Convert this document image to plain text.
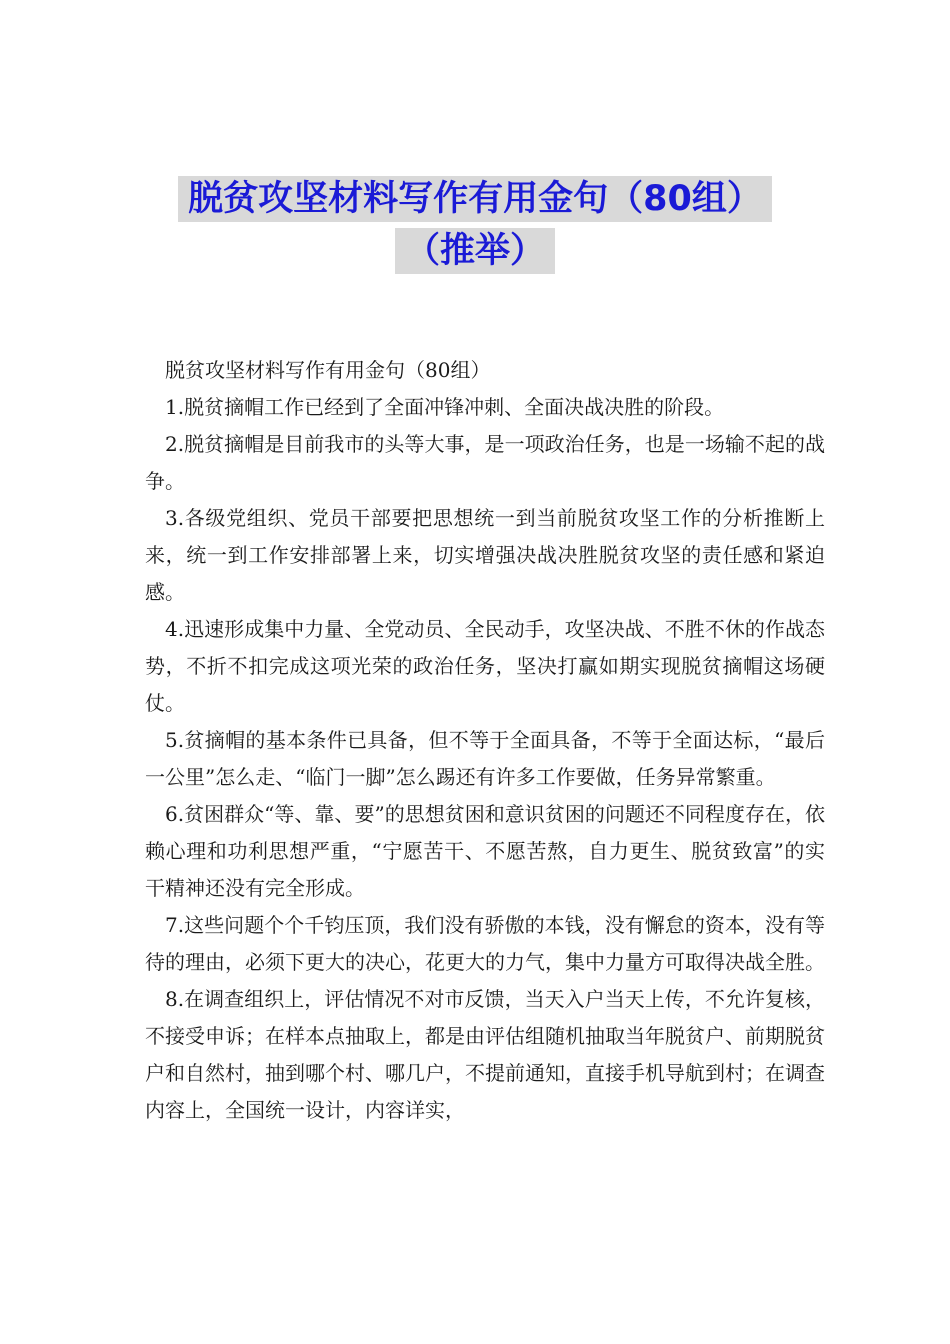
脱贫攻坚材料写作有用金句（80组）
（推举）

脱贫攻坚材料写作有用金句（80组）

1.脱贫摘帽工作已经到了全面冲锋冲刺、全面决战决胜的阶段。

2.脱贫摘帽是目前我市的头等大事，是一项政治任务，也是一场输不起的战争。

3.各级党组织、党员干部要把思想统一到当前脱贫攻坚工作的分析推断上来，统一到工作安排部署上来，切实增强决战决胜脱贫攻坚的责任感和紧迫感。

4.迅速形成集中力量、全党动员、全民动手，攻坚决战、不胜不休的作战态势，不折不扣完成这项光荣的政治任务，坚决打赢如期实现脱贫摘帽这场硬仗。

5.贫摘帽的基本条件已具备，但不等于全面具备，不等于全面达标，“最后一公里”怎么走、“临门一脚”怎么踢还有许多工作要做，任务异常繁重。

6.贫困群众“等、靠、要”的思想贫困和意识贫困的问题还不同程度存在，依赖心理和功利思想严重，“宁愿苦干、不愿苦熬，自力更生、脱贫致富”的实干精神还没有完全形成。

7.这些问题个个千钧压顶，我们没有骄傲的本钱，没有懈怠的资本，没有等待的理由，必须下更大的决心，花更大的力气，集中力量方可取得决战全胜。

8.在调查组织上，评估情况不对市反馈，当天入户当天上传，不允许复核，不接受申诉；在样本点抽取上，都是由评估组随机抽取当年脱贫户、前期脱贫户和自然村，抽到哪个村、哪几户，不提前通知，直接手机导航到村；在调查内容上，全国统一设计，内容详实，
